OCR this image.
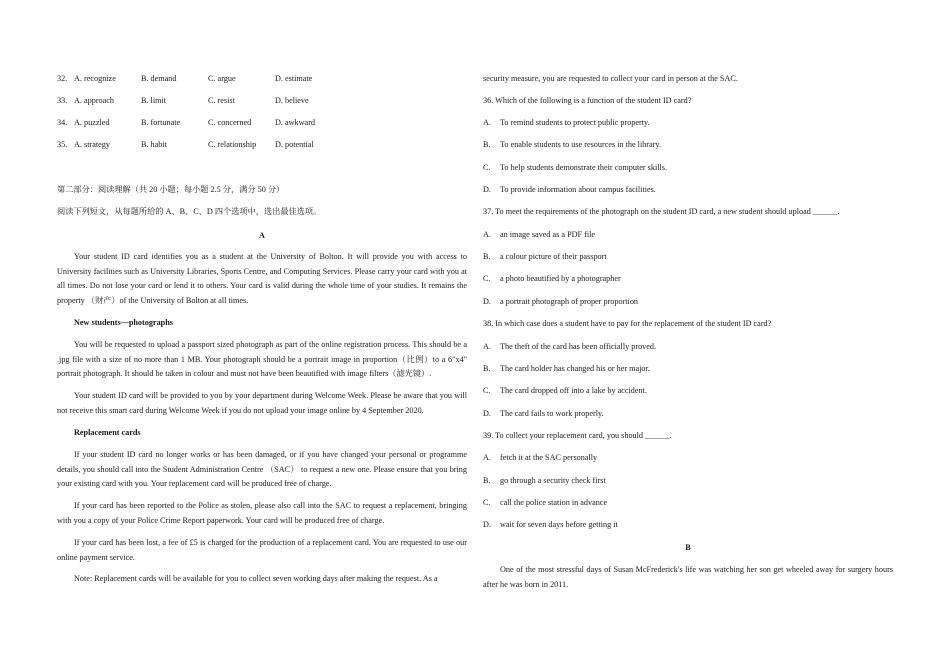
32. A. recognize	B. demand	C. argue	D. estimate
33. A. approach	B. limit	C. resist	D. believe
34. A. puzzled	B. fortunate	C. concerned	D. awkward
35. A. strategy	B. habit	C. relationship D. potential
第二部分：阅读理解（共 20 小题；每小题 2.5 分，满分 50 分）
阅读下列短文，从每题所给的 A、B、C、D 四个选项中，选出最佳选项。
A
Your student ID card identifies you as a student at the University of Bolton. It will provide you with access to University facilities such as University Libraries, Sports Centre, and Computing Services. Please carry your card with you at all times. Do not lose your card or lend it to others. Your card is valid during the whole time of your studies. It remains the property （财产）of the University of Bolton at all times.
New students—photographs
You will be requested to upload a passport sized photograph as part of the online registration process. This should be a .jpg file with a size of no more than 1 MB. Your photograph should be a portrait image in proportion（比例）to a 6"x4" portrait photograph. It should be taken in colour and must not have been beautified with image filters（滤光镜）.
Your student ID card will be provided to you by your department during Welcome Week. Please be aware that you will not receive this smart card during Welcome Week if you do not upload your image online by 4 September 2020.
Replacement cards
If your student ID card no longer works or has been damaged, or if you have changed your personal or programme details, you should call into the Student Administration Centre （SAC） to request a new one. Please ensure that you bring your existing card with you. Your replacement card will be produced free of charge.
If your card has been reported to the Police as stolen, please also call into the SAC to request a replacement, bringing with you a copy of your Police Crime Report paperwork. Your card will be produced free of charge.
If your card has been lost, a fee of £5 is charged for the production of a replacement card. You are requested to use our online payment service.
Note: Replacement cards will be available for you to collect seven working days after making the request. As a
security measure, you are requested to collect your card in person at the SAC.
36. Which of the following is a function of the student ID card?
A. To remind students to protect public property.
B. To enable students to use resources in the library.
C. To help students demonstrate their computer skills.
D. To provide information about campus facilities.
37. To meet the requirements of the photograph on the student ID card, a new student should upload ______.
A. an image saved as a PDF file
B. a colour picture of their passport
C. a photo beautified by a photographer
D. a portrait photograph of proper proportion
38. In which case does a student have to pay for the replacement of the student ID card?
A. The theft of the card has been officially proved.
B. The card holder has changed his or her major.
C. The card dropped off into a lake by accident.
D. The card fails to work properly.
39. To collect your replacement card, you should ______.
A. fetch it at the SAC personally
B. go through a security check first
C. call the police station in advance
D. wait for seven days before getting it
B
One of the most stressful days of Susan McFrederick's life was watching her son get wheeled away for surgery hours after he was born in 2011.
